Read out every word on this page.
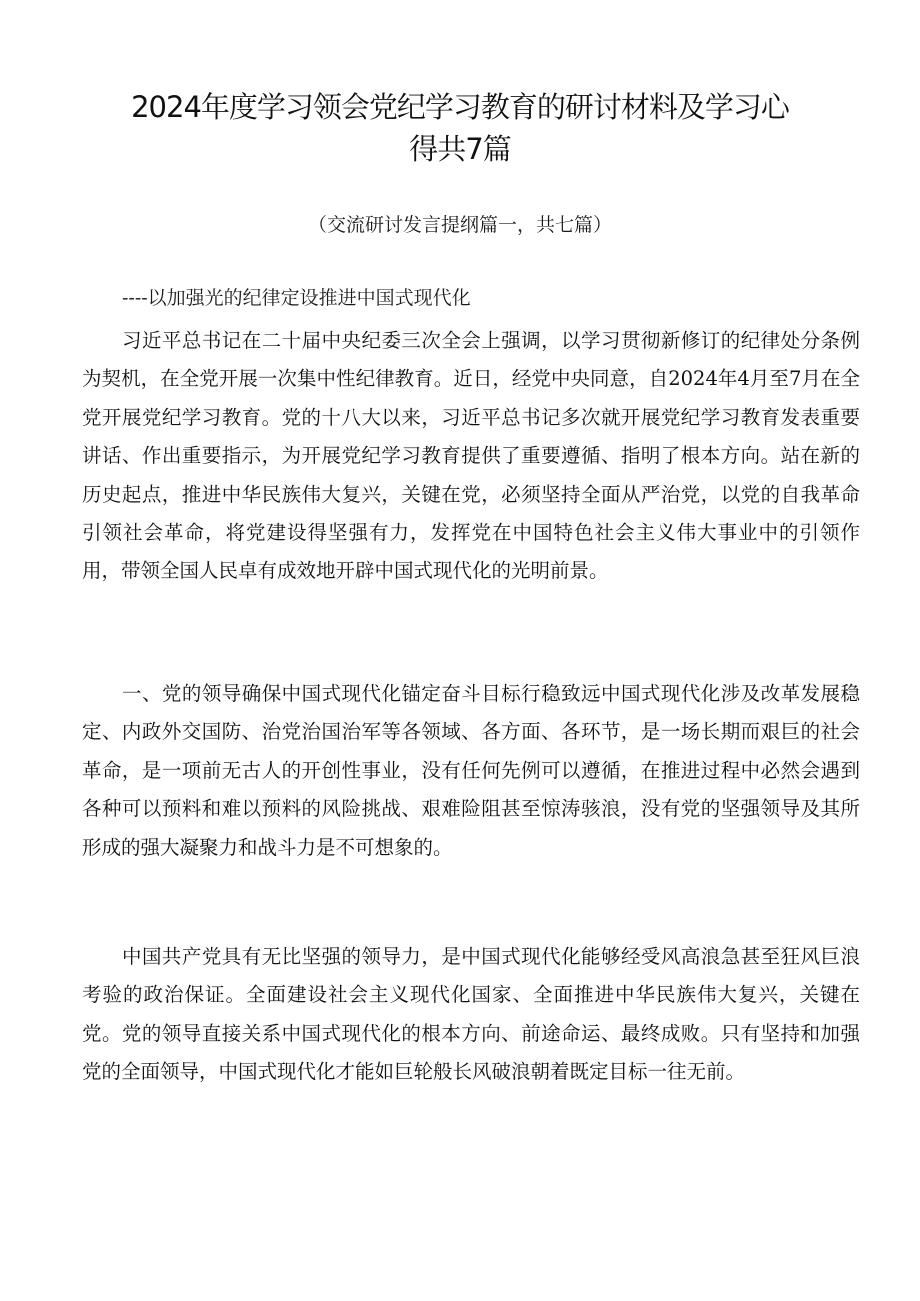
2024年度学习领会党纪学习教育的研讨材料及学习心
得共7篇
（交流研讨发言提纲篇一，共七篇）
----以加强光的纪律定设推进中国式现代化

习近平总书记在二十届中央纪委三次全会上强调，以学习贯彻新修订的纪律处分条例为契机，在全党开展一次集中性纪律教育。近日，经党中央同意，自2024年4月至7月在全党开展党纪学习教育。党的十八大以来，习近平总书记多次就开展党纪学习教育发表重要讲话、作出重要指示，为开展党纪学习教育提供了重要遵循、指明了根本方向。站在新的历史起点，推进中华民族伟大复兴，关键在党，必须坚持全面从严治党，以党的自我革命引领社会革命，将党建设得坚强有力，发挥党在中国特色社会主义伟大事业中的引领作用，带领全国人民卓有成效地开辟中国式现代化的光明前景。

一、党的领导确保中国式现代化锚定奋斗目标行稳致远中国式现代化涉及改革发展稳定、内政外交国防、治党治国治军等各领域、各方面、各环节，是一场长期而艰巨的社会革命，是一项前无古人的开创性事业，没有任何先例可以遵循，在推进过程中必然会遇到各种可以预料和难以预料的风险挑战、艰难险阻甚至惊涛骇浪，没有党的坚强领导及其所形成的强大凝聚力和战斗力是不可想象的。

中国共产党具有无比坚强的领导力，是中国式现代化能够经受风高浪急甚至狂风巨浪考验的政治保证。全面建设社会主义现代化国家、全面推进中华民族伟大复兴，关键在党。党的领导直接关系中国式现代化的根本方向、前途命运、最终成败。只有坚持和加强党的全面领导，中国式现代化才能如巨轮般长风破浪朝着既定目标一往无前。
